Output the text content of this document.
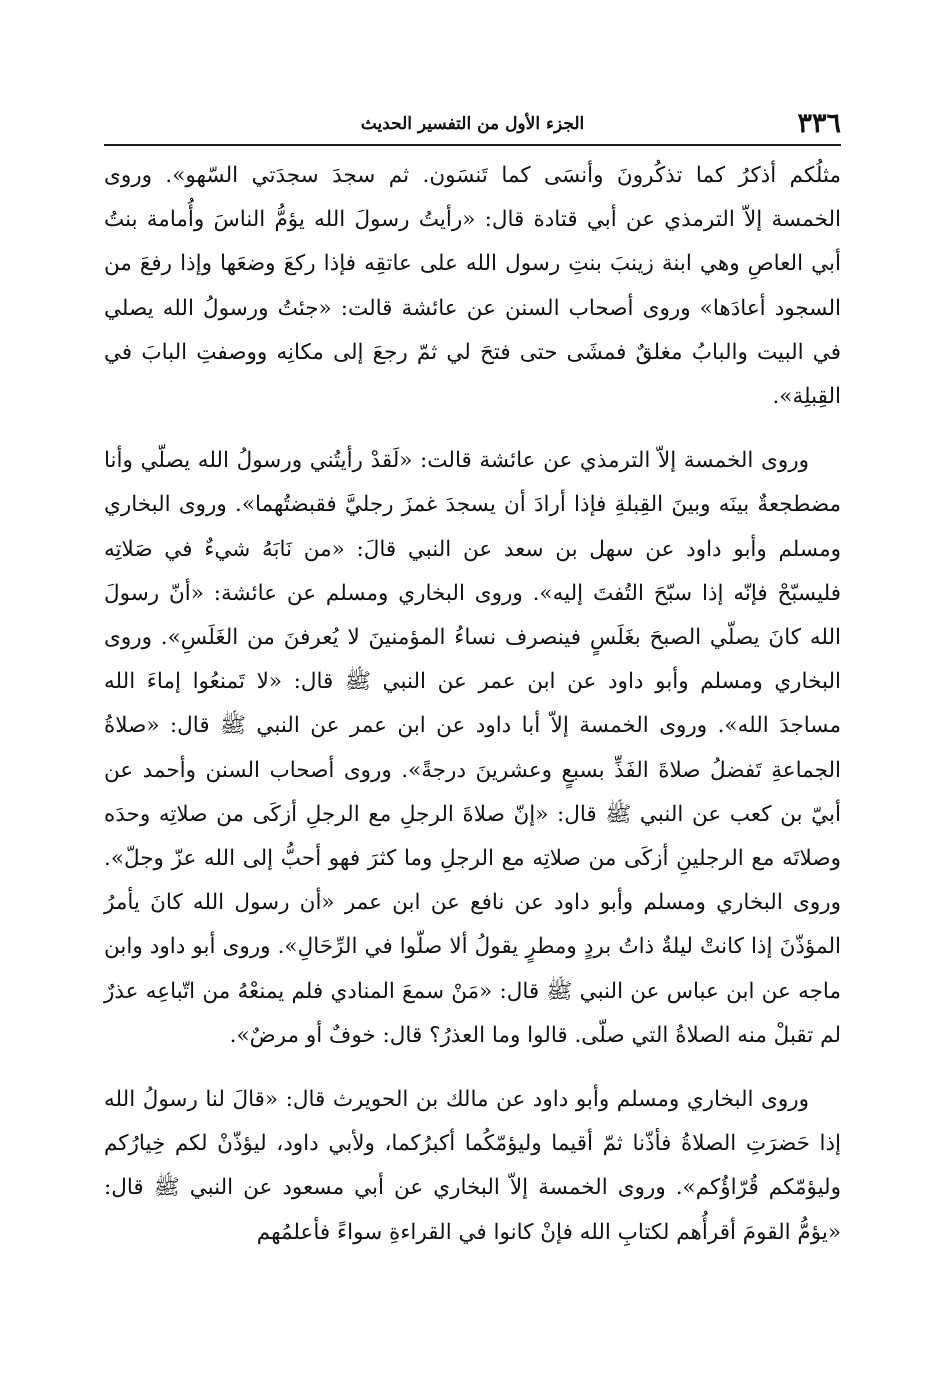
٣٣٦
الجزء الأول من التفسير الحديث

مثلُكم أذكرُ كما تذكُرونَ وأنسَى كما تَنسَون. ثم سجدَ سجدَتي السّهو». وروى الخمسة إلاّ الترمذي عن أبي قتادة قال: «رأيتُ رسولَ الله يؤمُّ الناسَ وأُمامة بنتُ أبي العاصِ وهي ابنة زينبَ بنتِ رسول الله على عاتقِه فإذا ركعَ وضعَها وإذا رفعَ من السجود أعادَها» وروى أصحاب السنن عن عائشة قالت: «جئتُ ورسولُ الله يصلي في البيت والبابُ مغلقٌ فمشَى حتى فتحَ لي ثمّ رجعَ إلى مكانِه ووصفتِ البابَ في القِبلِة».

وروى الخمسة إلاّ الترمذي عن عائشة قالت: «لَقدْ رأيتُني ورسولُ الله يصلّي وأنا مضطجعةٌ بينَه وبينَ القِبلةِ فإذا أرادَ أن يسجدَ غمزَ رجليَّ فقبضتُهما». وروى البخاري ومسلم وأبو داود عن سهل بن سعد عن النبي قالَ: «من نَابَهُ شيءٌ في صَلاتِه فليسبّحْ فإنّه إذا سبّحَ التُفتَ إليه». وروى البخاري ومسلم عن عائشة: «أنّ رسولَ الله كانَ يصلّي الصبحَ بغَلَسٍ فينصرف نساءُ المؤمنينَ لا يُعرفنَ من الغَلَسِ». وروى البخاري ومسلم وأبو داود عن ابن عمر عن النبي ﷺ قال: «لا تَمنعُوا إماءَ الله مساجدَ الله». وروى الخمسة إلاّ أبا داود عن ابن عمر عن النبي ﷺ قال: «صلاةُ الجماعةِ تَفضلُ صلاةَ الفَذِّ بسبعٍ وعشرينَ درجةً». وروى أصحاب السنن وأحمد عن أبيّ بن كعب عن النبي ﷺ قال: «إنّ صلاةَ الرجلِ مع الرجلِ أزكَى من صلاتِه وحدَه وصلاتَه مع الرجلينِ أزكَى من صلاتِه مع الرجلِ وما كثرَ فهو أحبُّ إلى الله عزّ وجلّ». وروى البخاري ومسلم وأبو داود عن نافع عن ابن عمر «أن رسول الله كانَ يأمرُ المؤذّنَ إذا كانتْ ليلةٌ ذاتُ بردٍ ومطرٍ يقولُ ألا صلّوا في الرِّحَالِ». وروى أبو داود وابن ماجه عن ابن عباس عن النبي ﷺ قال: «مَنْ سمعَ المنادي فلم يمنعْهُ من اتّباعِه عذرٌ لم تقبلْ منه الصلاةُ التي صلّى. قالوا وما العذرُ؟ قال: خوفٌ أو مرضٌ».

وروى البخاري ومسلم وأبو داود عن مالك بن الحويرث قال: «قالَ لنا رسولُ الله إذا حَضرَتِ الصلاةُ فأذّنا ثمّ أقيما وليؤمّكُما أكبرُكما، ولأبي داود، ليؤذّنْ لكم خِيارُكم وليؤمّكم قُرّاؤُكم». وروى الخمسة إلاّ البخاري عن أبي مسعود عن النبي ﷺ قال: «يؤمُّ القومَ أقرأُهم لكتابِ الله فإنْ كانوا في القراءةِ سواءً فأعلمُهم
